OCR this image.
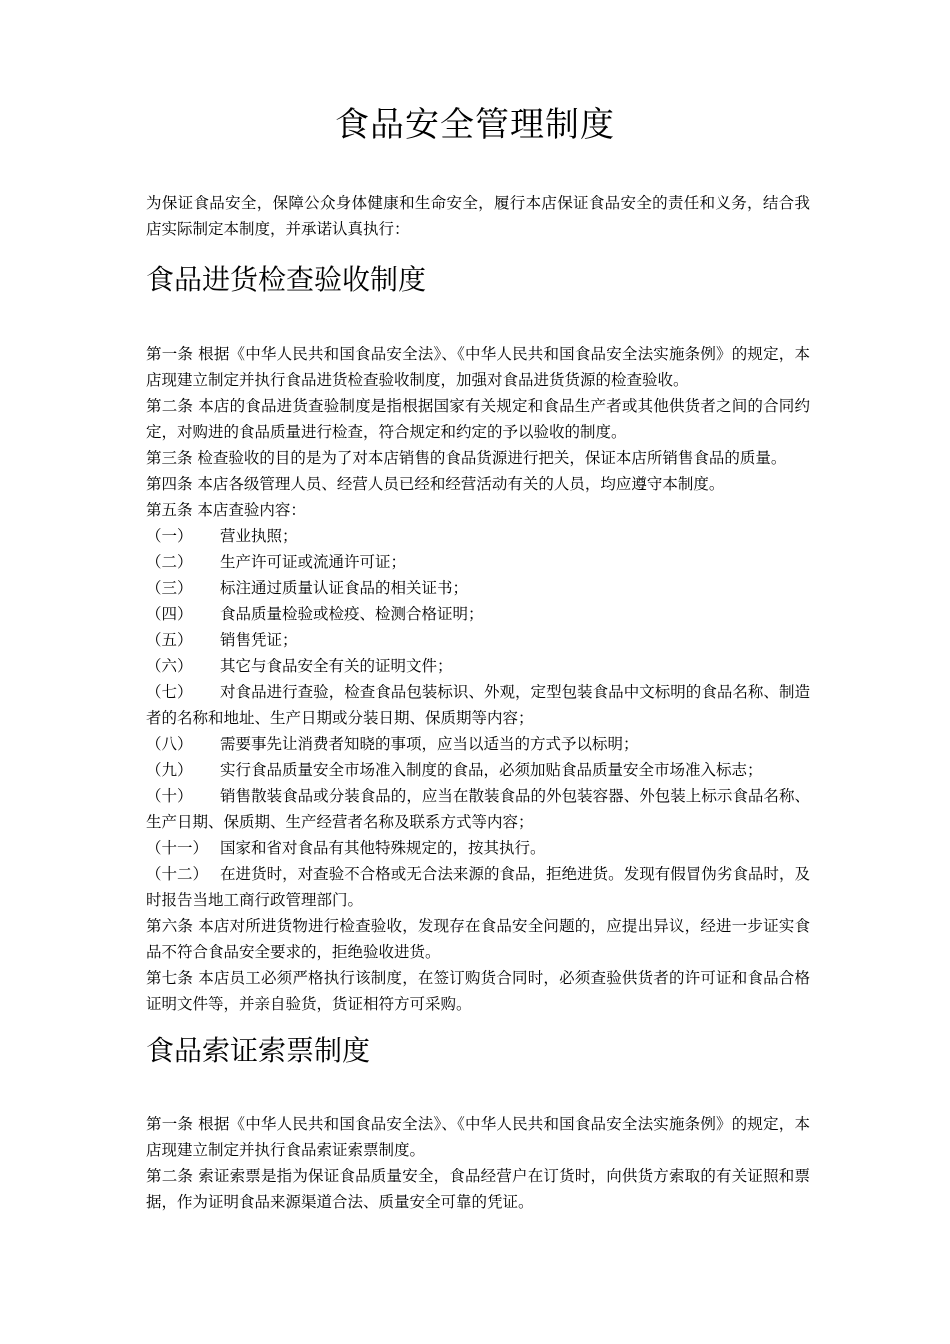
食品安全管理制度
为保证食品安全，保障公众身体健康和生命安全，履行本店保证食品安全的责任和义务，结合我店实际制定本制度，并承诺认真执行：
食品进货检查验收制度
第一条 根据《中华人民共和国食品安全法》、《中华人民共和国食品安全法实施条例》的规定，本店现建立制定并执行食品进货检查验收制度，加强对食品进货货源的检查验收。
第二条 本店的食品进货查验制度是指根据国家有关规定和食品生产者或其他供货者之间的合同约定，对购进的食品质量进行检查，符合规定和约定的予以验收的制度。
第三条 检查验收的目的是为了对本店销售的食品货源进行把关，保证本店所销售食品的质量。
第四条 本店各级管理人员、经营人员已经和经营活动有关的人员，均应遵守本制度。
第五条 本店查验内容：
（一） 营业执照；
（二） 生产许可证或流通许可证；
（三） 标注通过质量认证食品的相关证书；
（四） 食品质量检验或检疫、检测合格证明；
（五） 销售凭证；
（六） 其它与食品安全有关的证明文件；
（七） 对食品进行查验，检查食品包装标识、外观，定型包装食品中文标明的食品名称、制造者的名称和地址、生产日期或分装日期、保质期等内容；
（八） 需要事先让消费者知晓的事项，应当以适当的方式予以标明；
（九） 实行食品质量安全市场准入制度的食品，必须加贴食品质量安全市场准入标志；
（十） 销售散装食品或分装食品的，应当在散装食品的外包装容器、外包装上标示食品名称、生产日期、保质期、生产经营者名称及联系方式等内容；
（十一） 国家和省对食品有其他特殊规定的，按其执行。
（十二） 在进货时，对查验不合格或无合法来源的食品，拒绝进货。发现有假冒伪劣食品时，及时报告当地工商行政管理部门。
第六条 本店对所进货物进行检查验收，发现存在食品安全问题的，应提出异议，经进一步证实食品不符合食品安全要求的，拒绝验收进货。
第七条 本店员工必须严格执行该制度，在签订购货合同时，必须查验供货者的许可证和食品合格证明文件等，并亲自验货，货证相符方可采购。
食品索证索票制度
第一条 根据《中华人民共和国食品安全法》、《中华人民共和国食品安全法实施条例》的规定，本店现建立制定并执行食品索证索票制度。
第二条 索证索票是指为保证食品质量安全，食品经营户在订货时，向供货方索取的有关证照和票据，作为证明食品来源渠道合法、质量安全可靠的凭证。
